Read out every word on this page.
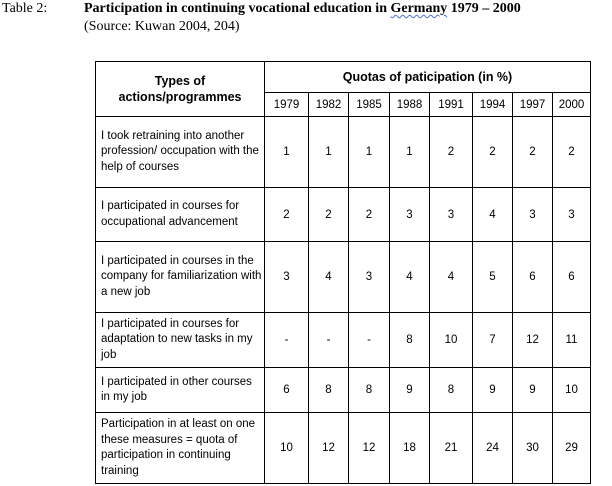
Table 2:	Participation in continuing vocational education in Germany 1979 – 2000
(Source: Kuwan 2004, 204)
Types of
actions/programmes	Quotas of paticipation (in %)							
	1979	1982	1985	1988	1991	1994	1997	2000
I took retraining into another profession/ occupation with the help of courses	1	1	1	1	2	2	2	2
I participated in courses for occupational advancement	2	2	2	3	3	4	3	3
I participated in courses in the company for familiarization with a new job	3	4	3	4	4	5	6	6
I participated in courses for adaptation to new tasks in my job	-	-	-	8	10	7	12	11
I participated in other courses in my job	6	8	8	9	8	9	9	10
Participation in at least on one these measures = quota of participation in continuing training	10	12	12	18	21	24	30	29
